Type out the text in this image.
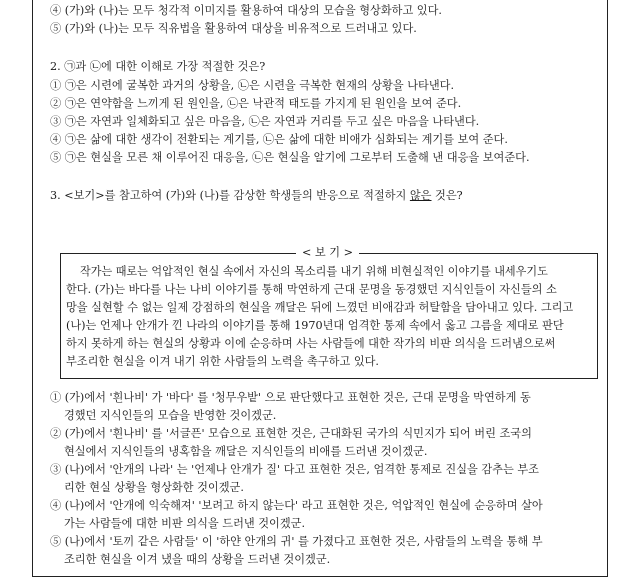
④ (가)와 (나)는 모두 청각적 이미지를 활용하여 대상의 모습을 형상화하고 있다.
⑤ (가)와 (나)는 모두 직유법을 활용하여 대상을 비유적으로 드러내고 있다.
2. ㉠과 ㉡에 대한 이해로 가장 적절한 것은?
① ㉠은 시련에 굴복한 과거의 상황을, ㉡은 시련을 극복한 현재의 상황을 나타낸다.
② ㉠은 연약함을 느끼게 된 원인을, ㉡은 낙관적 태도를 가지게 된 원인을 보여 준다.
③ ㉠은 자연과 일체화되고 싶은 마음을, ㉡은 자연과 거리를 두고 싶은 마음을 나타낸다.
④ ㉠은 삶에 대한 생각이 전환되는 계기를, ㉡은 삶에 대한 비애가 심화되는 계기를 보여 준다.
⑤ ㉠은 현실을 모른 채 이루어진 대응을, ㉡은 현실을 알기에 그로부터 도출해 낸 대응을 보여준다.
3. <보기>를 참고하여 (가)와 (나)를 감상한 학생들의 반응으로 적절하지 않은 것은?
< 보 기 >
작가는 때로는 억압적인 현실 속에서 자신의 목소리를 내기 위해 비현실적인 이야기를 내세우기도
한다. (가)는 바다를 나는 나비 이야기를 통해 막연하게 근대 문명을 동경했던 지식인들이 자신들의 소
망을 실현할 수 없는 일제 강점하의 현실을 깨달은 뒤에 느꼈던 비애감과 허탈함을 담아내고 있다. 그리고
(나)는 언제나 안개가 낀 나라의 이야기를 통해 1970년대 엄격한 통제 속에서 옳고 그름을 제대로 판단
하지 못하게 하는 현실의 상황과 이에 순응하며 사는 사람들에 대한 작가의 비판 의식을 드러냄으로써
부조리한 현실을 이겨 내기 위한 사람들의 노력을 촉구하고 있다.
① (가)에서 '흰나비' 가 '바다' 를 '청무우밭' 으로 판단했다고 표현한 것은, 근대 문명을 막연하게 동
경했던 지식인들의 모습을 반영한 것이겠군.
② (가)에서 '흰나비' 를 '서글픈' 모습으로 표현한 것은, 근대화된 국가의 식민지가 되어 버린 조국의
현실에서 지식인들의 냉혹함을 깨달은 지식인들의 비애를 드러낸 것이겠군.
③ (나)에서 '안개의 나라' 는 '언제나 안개가 질' 다고 표현한 것은, 엄격한 통제로 진실을 감추는 부조
리한 현실 상황을 형상화한 것이겠군.
④ (나)에서 '안개에 익숙해져' '보려고 하지 않는다' 라고 표현한 것은, 억압적인 현실에 순응하며 살아
가는 사람들에 대한 비판 의식을 드러낸 것이겠군.
⑤ (나)에서 '토끼 같은 사람들' 이 '하얀 안개의 귀' 를 가졌다고 표현한 것은, 사람들의 노력을 통해 부
조리한 현실을 이겨 냈을 때의 상황을 드러낸 것이겠군.
